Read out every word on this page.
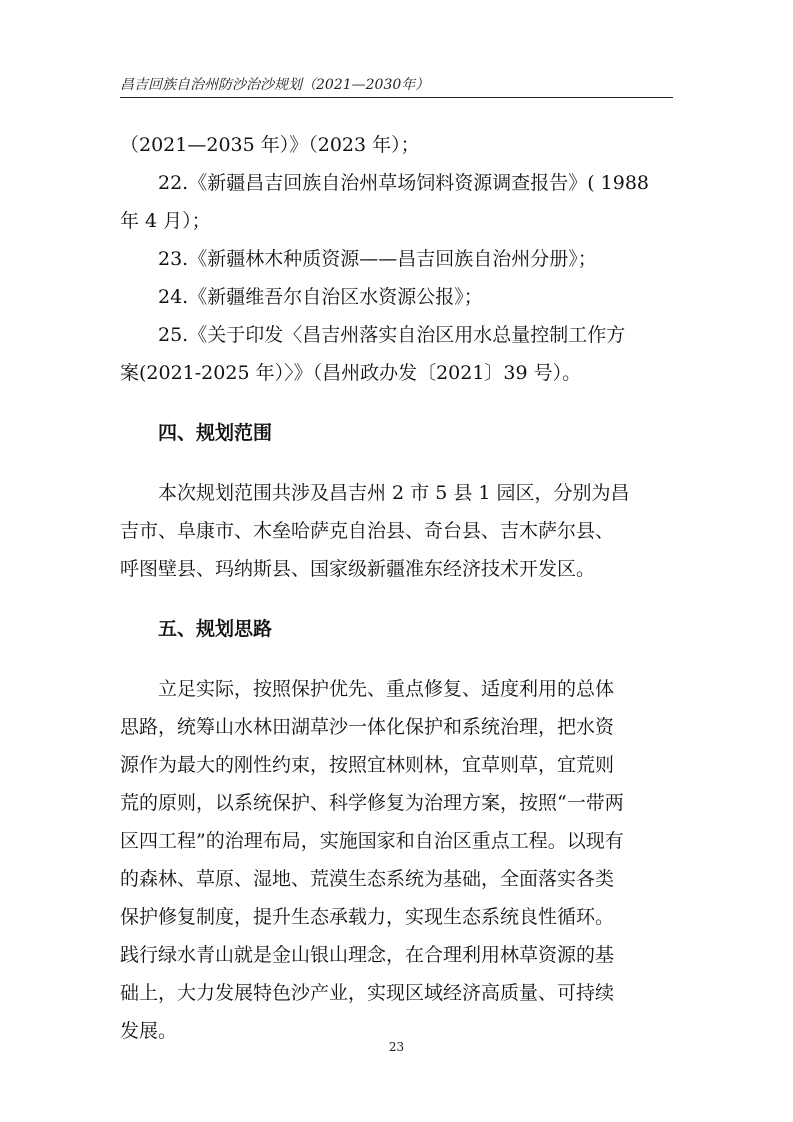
昌吉回族自治州防沙治沙规划（2021—2030年）

（2021—2035 年）》（2023 年）；

22.《新疆昌吉回族自治州草场饲料资源调查报告》( 1988

年 4 月）；

23.《新疆林木种质资源——昌吉回族自治州分册》；

24.《新疆维吾尔自治区水资源公报》；

25.《关于印发〈昌吉州落实自治区用水总量控制工作方

案(2021-2025 年）〉》（昌州政办发〔2021〕39 号）。

四、规划范围

本次规划范围共涉及昌吉州 2 市 5 县 1 园区，分别为昌

吉市、阜康市、木垒哈萨克自治县、奇台县、吉木萨尔县、

呼图壁县、玛纳斯县、国家级新疆准东经济技术开发区。

五、规划思路

立足实际，按照保护优先、重点修复、适度利用的总体

思路，统筹山水林田湖草沙一体化保护和系统治理，把水资

源作为最大的刚性约束，按照宜林则林，宜草则草，宜荒则

荒的原则，以系统保护、科学修复为治理方案，按照“一带两

区四工程”的治理布局，实施国家和自治区重点工程。以现有

的森林、草原、湿地、荒漠生态系统为基础，全面落实各类

保护修复制度，提升生态承载力，实现生态系统良性循环。

践行绿水青山就是金山银山理念，在合理利用林草资源的基

础上，大力发展特色沙产业，实现区域经济高质量、可持续

发展。

23
